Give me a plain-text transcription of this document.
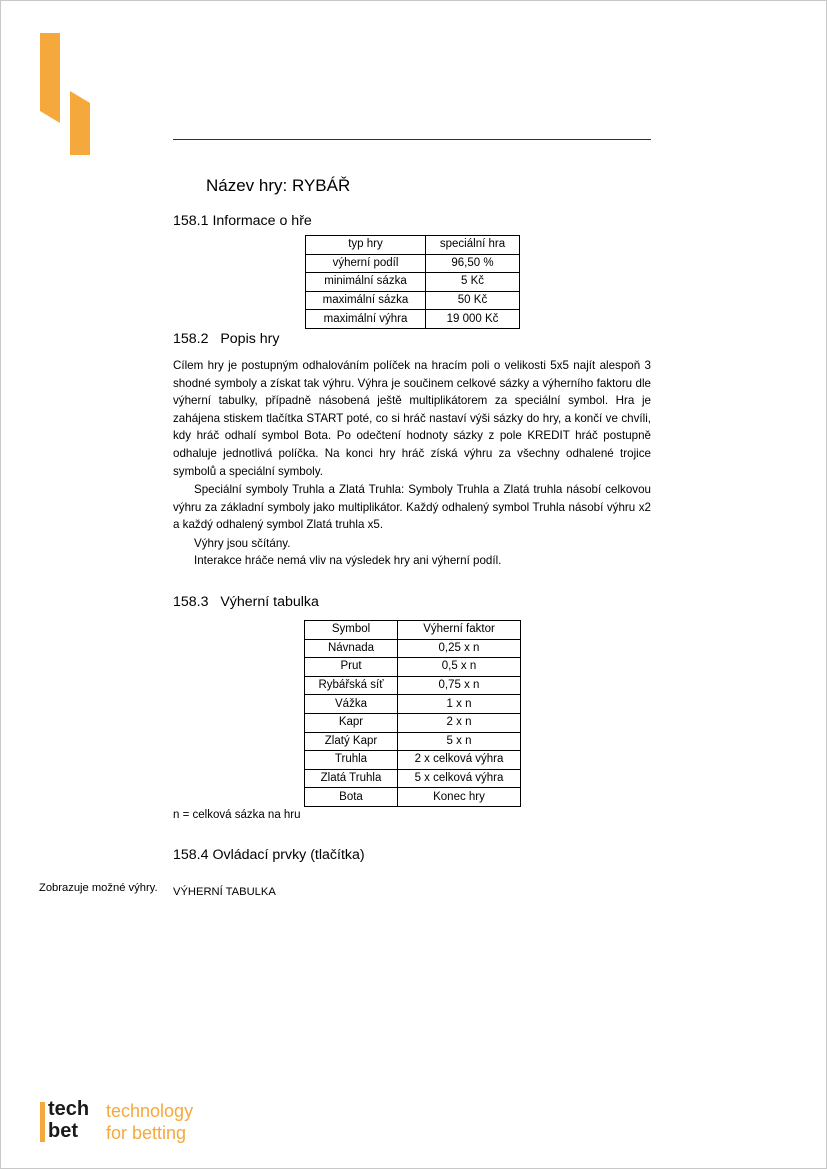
Název hry: RYBÁŘ
158.1 Informace o hře
typ hry	speciální hra
výherní podíl	96,50 %
minimální sázka	5 Kč
maximální sázka	50 Kč
maximální výhra	19 000 Kč
158.2   Popis hry
Cílem hry je postupným odhalováním políček na hracím poli o velikosti 5x5 najít alespoň 3 shodné symboly a získat tak výhru. Výhra je součinem celkové sázky a výherního faktoru dle výherní tabulky, případně násobená ještě multiplikátorem za speciální symbol. Hra je zahájena stiskem tlačítka START poté, co si hráč nastaví výši sázky do hry, a končí ve chvíli, kdy hráč odhalí symbol Bota. Po odečtení hodnoty sázky z pole KREDIT hráč postupně odhaluje jednotlivá políčka. Na konci hry hráč získá výhru za všechny odhalené trojice symbolů a speciální symboly.
Speciální symboly Truhla a Zlatá Truhla: Symboly Truhla a Zlatá truhla násobí celkovou výhru za základní symboly jako multiplikátor. Každý odhalený symbol Truhla násobí výhru x2 a každý odhalený symbol Zlatá truhla x5.
Výhry jsou sčítány.
Interakce hráče nemá vliv na výsledek hry ani výherní podíl.
158.3   Výherní tabulka
Symbol	Výherní faktor
Návnada	0,25 x n
Prut	0,5 x n
Rybářská síť	0,75 x n
Vážka	1 x n
Kapr	2 x n
Zlatý Kapr	5 x n
Truhla	2 x celková výhra
Zlatá Truhla	5 x celková výhra
Bota	Konec hry
n = celková sázka na hru
158.4 Ovládací prvky (tlačítka)
Zobrazuje možné výhry. VÝHERNÍ TABULKA
tech
bet
technology
for betting
